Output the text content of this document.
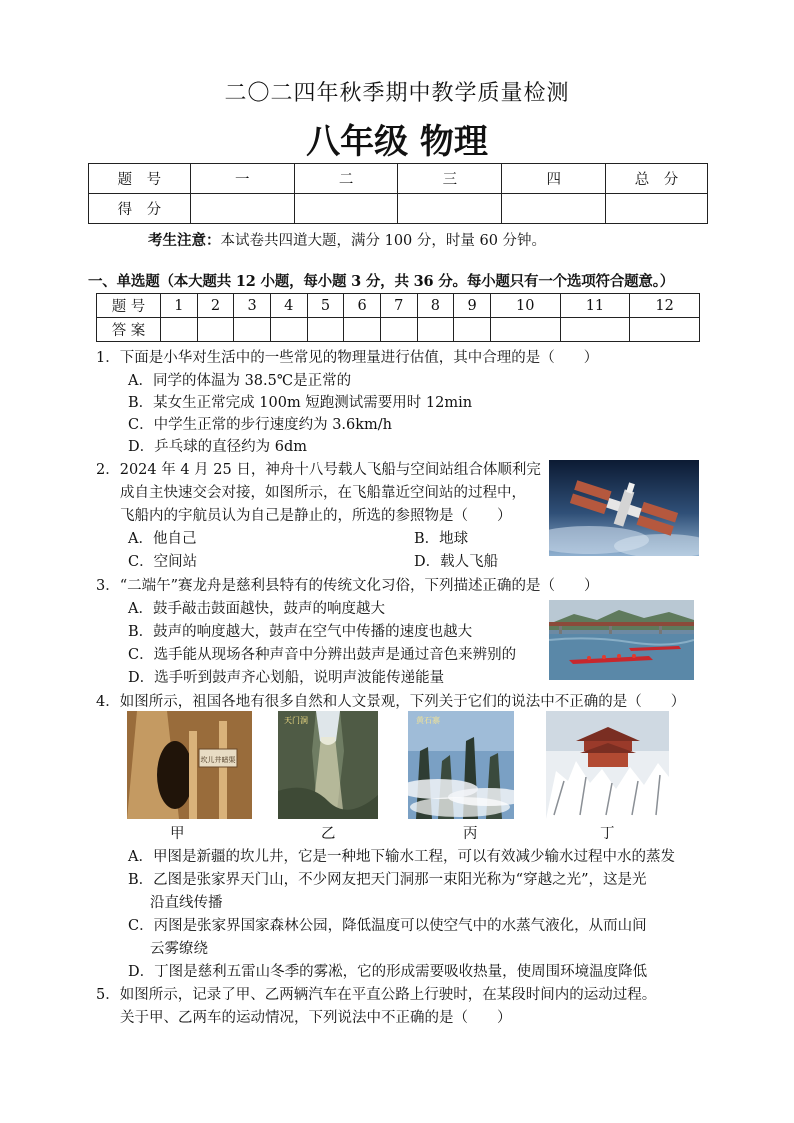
二〇二四年秋季期中教学质量检测
八年级 物理
题　号	一	二	三	四	总　分
得　分					
考生注意：本试卷共四道大题，满分 100 分，时量 60 分钟。
一、单选题（本大题共 12 小题，每小题 3 分，共 36 分。每小题只有一个选项符合题意。）
题 号	1	2	3	4	5	6	7	8	9	10	11	12
答 案												
1．下面是小华对生活中的一些常见的物理量进行估值，其中合理的是（　　）
A．同学的体温为 38.5℃是正常的
B．某女生正常完成 100m 短跑测试需要用时 12min
C．中学生正常的步行速度约为 3.6km/h
D．乒乓球的直径约为 6dm
2．2024 年 4 月 25 日，神舟十八号载人飞船与空间站组合体顺利完
成自主快速交会对接，如图所示，在飞船靠近空间站的过程中，
飞船内的宇航员认为自己是静止的，所选的参照物是（　　）
A．他自己	B．地球
C．空间站	D．载人飞船
3．“二端午”赛龙舟是慈利县特有的传统文化习俗，下列描述正确的是（　　）
A．鼓手敲击鼓面越快，鼓声的响度越大
B．鼓声的响度越大，鼓声在空气中传播的速度也越大
C．选手能从现场各种声音中分辨出鼓声是通过音色来辨别的
D．选手听到鼓声齐心划船，说明声波能传递能量
4．如图所示，祖国各地有很多自然和人文景观，下列关于它们的说法中不正确的是（　　）
坎儿井暗渠
天门洞	黄石寨
甲	乙	丙	丁
A．甲图是新疆的坎儿井，它是一种地下输水工程，可以有效减少输水过程中水的蒸发
B．乙图是张家界天门山，不少网友把天门洞那一束阳光称为“穿越之光”，这是光
沿直线传播
C．丙图是张家界国家森林公园，降低温度可以使空气中的水蒸气液化，从而山间
云雾缭绕
D．丁图是慈利五雷山冬季的雾凇，它的形成需要吸收热量，使周围环境温度降低
5．如图所示，记录了甲、乙两辆汽车在平直公路上行驶时，在某段时间内的运动过程。
关于甲、乙两车的运动情况，下列说法中不正确的是（　　）
